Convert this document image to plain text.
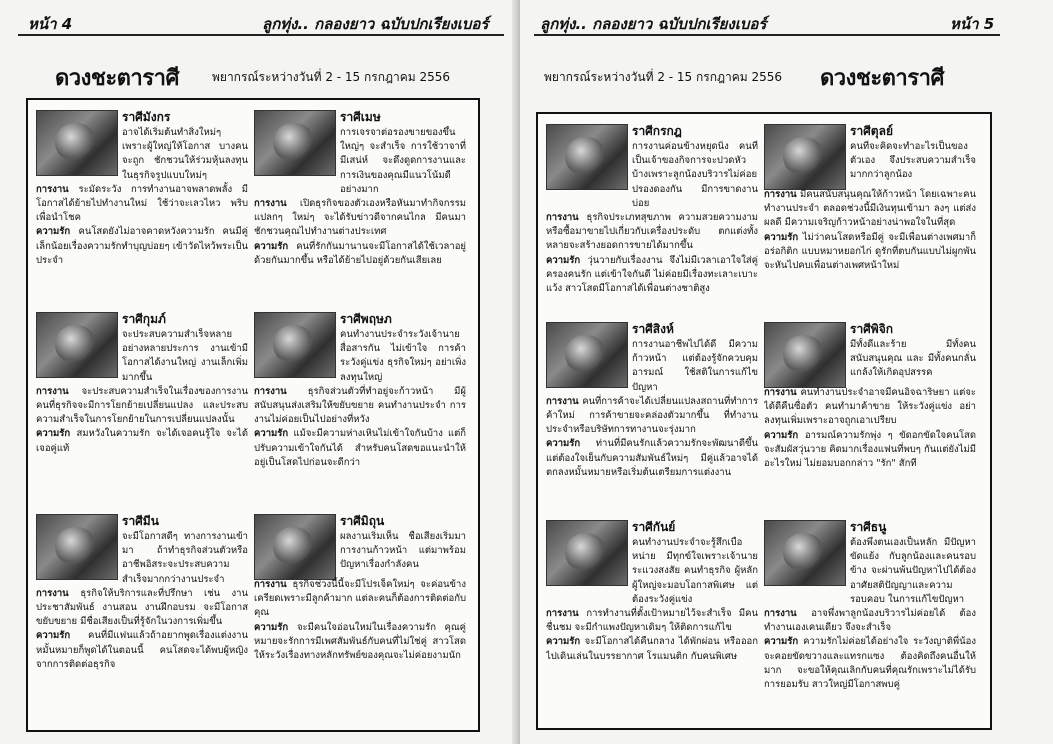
หน้า 4	ลูกทุ่ง.. กลองยาว ฉบับปกเรียงเบอร์
ดวงชะตาราศี	พยากรณ์ระหว่างวันที่ 2 - 15 กรกฎาคม 2556
ราศีมังกร

อาจได้เริ่มต้นทำสิ่งใหม่ๆ เพราะผู้ใหญ่ให้โอกาส บางคนจะถูก ชักชวนให้ร่วมหุ้นลงทุนในธุรกิจรูปแบบใหม่ๆ

การงาน ระมัดระวัง การทำงานอาจพลาดพลั้ง มีโอกาสได้ย้ายไปทำงานใหม่ ใช้ว่าจะเลวไหว พริบเพื่อนำโชค

ความรัก คนโสดยังไม่อาจคาดหวังความรัก คนมีคู่เล็กน้อยเรื่องความรักทำบุญบ่อยๆ เข้าวัดไหว้พระเป็นประจำ

ราศีเมษ

การเจรจาต่อรองขายของขึ้นใหญ่ๆ จะสำเร็จ การใช้วาจาที่มีเสน่ห์ จะดึงดูดการงานและการเงินของคุณมีแนวโน้มดีอย่างมาก

การงาน เปิดธุรกิจของตัวเองหรือหันมาทำกิจกรรมแปลกๆ ใหม่ๆ จะได้รับข่าวดีจากคนไกล มีคนมาชักชวนคุณไปทำงานต่างประเทศ

ความรัก คนที่รักกันมานานจะมีโอกาสได้ใช้เวลาอยู่ด้วยกันมากขึ้น หรือได้ย้ายไปอยู่ด้วยกันเสียเลย

ราศีกุมภ์

จะประสบความสำเร็จหลายอย่างหลายประการ งานเข้ามีโอกาสได้งานใหญ่ งานเล็กเพิ่มมากขึ้น

การงาน จะประสบความสำเร็จในเรื่องของการงาน คนที่ธุรกิจจะมีการโยกย้ายเปลี่ยนแปลง และประสบความสำเร็จในการโยกย้ายในการเปลี่ยนแปลงนั้น

ความรัก สมหวังในความรัก จะได้เจอคนรู้ใจ จะได้เจอคู่แท้

ราศีพฤษภ

คนทำงานประจำระวังเจ้านายสื่อสารกัน ไม่เข้าใจ การค้าระวังคู่แข่ง ธุรกิจใหม่ๆ อย่าเพิ่งลงทุนใหญ่

การงาน ธุรกิจส่วนตัวที่ทำอยู่จะก้าวหน้า มีผู้สนับสนุนส่งเสริมให้ขยับขยาย คนทำงานประจำ การงานไม่ค่อยเป็นไปอย่างที่หวัง

ความรัก แม้จะมีความห่างเหินไม่เข้าใจกันบ้าง แต่ก็ปรับความเข้าใจกันได้ สำหรับคนโสดขอแนะนำให้อยู่เป็นโสดไปก่อนจะดีกว่า

ราศีมีน

จะมีโอกาสดีๆ ทางการงานเข้ามา ถ้าทำธุรกิจส่วนตัวหรืออาชีพอิสระจะประสบความสำเร็จมากกว่างานประจำ

การงาน ธุรกิจให้บริการและที่ปรึกษา เช่น งานประชาสัมพันธ์ งานสอน งานฝึกอบรม จะมีโอกาสขยับขยาย มีชื่อเสียงเป็นที่รู้จักในวงการเพิ่มขึ้น

ความรัก คนที่มีแฟนแล้วถ้าอยากพูดเรื่องแต่งงานหมั้นหมายก็พูดได้ในตอนนี้ คนโสดจะได้พบผู้หญิงจากการติดต่อธุรกิจ

ราศีมิถุน

ผลงานเริ่มเห็น ชื่อเสียงเริ่มมา การงานก้าวหน้า แต่มาพร้อมปัญหาเรื่องกำลังคน

การงาน ธุรกิจช่วงนี้นี้จะมีโปรเจ็คใหม่ๆ จะค่อนข้างเครียดเพราะมีลูกค้ามาก แต่ละคนก็ต้องการติดต่อกับคุณ

ความรัก จะมีคนใจอ่อนใหม่ในเรื่องความรัก คุณคู่หมายจะรักการมีเพศสัมพันธ์กับคนที่ไม่ใช่คู่ สาวโสดให้ระวังเรื่องทางหลักทรัพย์ของคุณจะไม่ค่อยงามนัก

ลูกทุ่ง.. กลองยาว ฉบับปกเรียงเบอร์	หน้า 5
พยากรณ์ระหว่างวันที่ 2 - 15 กรกฎาคม 2556 ดวงชะตาราศี
ราศีกรกฎ

การงานค่อนข้างหยุดนิ่ง คนที่เป็นเจ้าของกิจการจะปวดหัวบ้างเพราะลูกน้องบริวารไม่ค่อยปรองดองกัน มีการขาดงานบ่อย

การงาน ธุรกิจประเภทสุขภาพ ความสวยความงาม หรือซื้อมาขายไปเกี่ยวกับเครื่องประดับ ตกแต่งทั้งหลายจะสร้างยอดการขายได้มากขึ้น

ความรัก วุ่นวายกับเรื่องงาน จึงไม่มีเวลาเอาใจใส่คู่ครองคนรัก แต่เข้าใจกันดี ไม่ค่อยมีเรื่องทะเลาะเบาะแว้ง สาวโสดมีโอกาสได้เพื่อนต่างชาติสูง

ราศีตุลย์

คนที่จะคิดจะทำอะไรเป็นของตัวเอง จึงประสบความสำเร็จ มากกว่าลูกน้อง

การงาน มีคนสนับสนุนคุณให้ก้าวหน้า โดยเฉพาะคนทำงานประจำ ตลอดช่วงนี้มีเงินทุนเข้ามา ลงๆ แต่ส่งผลดี มีความเจริญก้าวหน้าอย่างน่าพอใจในที่สุด

ความรัก ไม่ว่าคนโสดหรือมีคู่ จะมีเพื่อนต่างเพศมาก็อร่อกิติก แบบหมาหยอกไก่ ดูรักที่ตบกันแบบไม่ผูกพัน จะหันไปคบเพื่อนต่างเพศหน้าใหม่

ราศีสิงห์

การงานอาชีพไปได้ดี มีความก้าวหน้า แต่ต้องรู้จักควบคุมอารมณ์ ใช้สติในการแก้ไขปัญหา

การงาน คนที่การค้าจะได้เปลี่ยนแปลงสถานที่ทำการค้าใหม่ การค้าขายจะคล่องตัวมากขึ้น ที่ทำงานประจำหรือบริษัทการทางานจะรุ่งมาก

ความรัก ท่านที่มีคนรักแล้วความรักจะพัฒนาดีขึ้น แต่ต้องใจเย็นกับความสัมพันธ์ใหม่ๆ มีคู่แล้วอาจได้ตกลงหมั้นหมายหรือเริ่มต้นเตรียมการแต่งงาน

ราศีพิจิก

มีทั้งดีและร้าย มีทั้งคนสนับสนุนคุณ และ มีทั้งคนกลั่นแกล้งให้เกิดอุปสรรค

การงาน คนทำงานประจำอาจมีคนอิจฉาริษยา แต่จะได้ดีคืนซื่อตัว คนทำมาค้าขาย ให้ระวังคู่แข่ง อย่าลงทุนเพิ่มเพราะอาจถูกเอาเปรียบ

ความรัก อารมณ์ความรักพุ่ง ๆ ขัดอกขัดใจคนโสดจะสัมผัสวุ่นวาย คิดมากเรื่องแฟนที่พบๆ กันแต่ยังไม่มีอะไรใหม่ ไม่ยอมบอกกล่าว "รัก" สักที

ราศีกันย์

คนทำงานประจำจะรู้สึกเบื่อหน่าย มีทุกข์ใจเพราะเจ้านายระแวงสงสัย คนทำธุรกิจ ผู้หลักผู้ใหญ่จะมอบโอกาสพิเศษ แต่ต้องระวังคู่แข่ง

การงาน การทำงานที่ตั้งเป้าหมายไว้จะสำเร็จ มีคนชื่นชม จะมีกำแพงปัญหาเดิมๆ ให้ติดการแก้ไข

ความรัก จะมีโอกาสได้คืนกลาง ได้พักผ่อน หรือออกไปเดินเล่นในบรรยากาศ โรแมนติก กับคนพิเศษ

ราศีธนู

ต้องพึ่งตนเองเป็นหลัก มีปัญหาขัดแย้ง กับลูกน้องและคนรอบข้าง จะผ่านพ้นปัญหาไปได้ต้องอาศัยสติปัญญาและความรอบคอบ ในการแก้ไขปัญหา

การงาน อาจพึ่งพาลูกน้องบริวารไม่ค่อยได้ ต้องทำงานเองเคนเดียว จึงจะสำเร็จ

ความรัก ความรักไม่ค่อยได้อย่างใจ ระวังญาติพี่น้อง จะคอยขัดขวางและแทรกแซง ต้องคิดถึงคนอื่นให้มาก จะขอให้คุณเลิกกับคนที่คุณรักเพราะไม่ได้รับการยอมรับ สาวใหญ่มีโอกาสพบคู่
